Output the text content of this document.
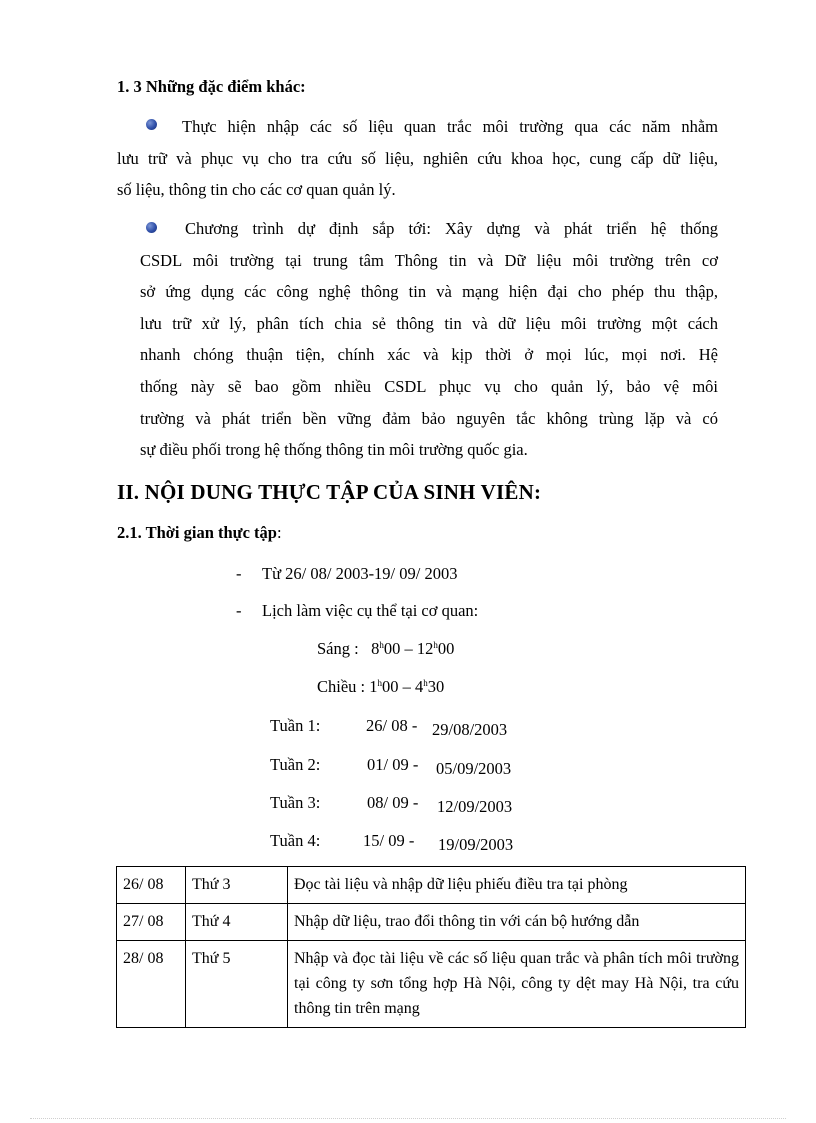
1. 3 Những đặc điểm khác:
Thực hiện nhập các số liệu quan trắc môi trường qua các năm nhằm
lưu trữ và phục vụ cho tra cứu số liệu, nghiên cứu khoa học, cung cấp dữ liệu,
số liệu, thông tin cho các cơ quan quản lý.
Chương trình dự định sắp tới: Xây dựng và phát triển hệ thống
CSDL môi trường tại trung tâm Thông tin và Dữ liệu môi trường trên cơ
sở ứng dụng các công nghệ thông tin và mạng hiện đại cho phép thu thập,
lưu trữ xử lý, phân tích chia sẻ thông tin và dữ liệu môi trường một cách
nhanh chóng thuận tiện, chính xác và kịp thời ở mọi lúc, mọi nơi. Hệ
thống này sẽ bao gồm nhiều CSDL phục vụ cho quản lý, bảo vệ môi
trường và phát triển bền vững đảm bảo nguyên tắc không trùng lặp và có
sự điều phối trong hệ thống thông tin môi trường quốc gia.
II. NỘI DUNG THỰC TẬP CỦA SINH VIÊN:
2.1. Thời gian thực tập:
- Từ 26/ 08/ 2003-19/ 09/ 2003
- Lịch làm việc cụ thể tại cơ quan:
Sáng : 8$^h$00 – 12$^h$00
Chiều : 1$^h$00 – 4$^h$30
Tuần 1:	26/ 08 - 29/08/2003
Tuần 2:	01/ 09 - 05/09/2003
Tuần 3:	08/ 09 - 12/09/2003
Tuần 4:	15/ 09 - 19/09/2003
26/ 08	Thứ 3	Đọc tài liệu và nhập dữ liệu phiếu điều tra tại phòng
27/ 08	Thứ 4	Nhập dữ liệu, trao đổi thông tin với cán bộ hướng dẫn
28/ 08	Thứ 5	Nhập và đọc tài liệu về các số liệu quan trắc và phân tích môi trường tại công ty sơn tổng hợp Hà Nội, công ty dệt may Hà Nội, tra cứu thông tin trên mạng
